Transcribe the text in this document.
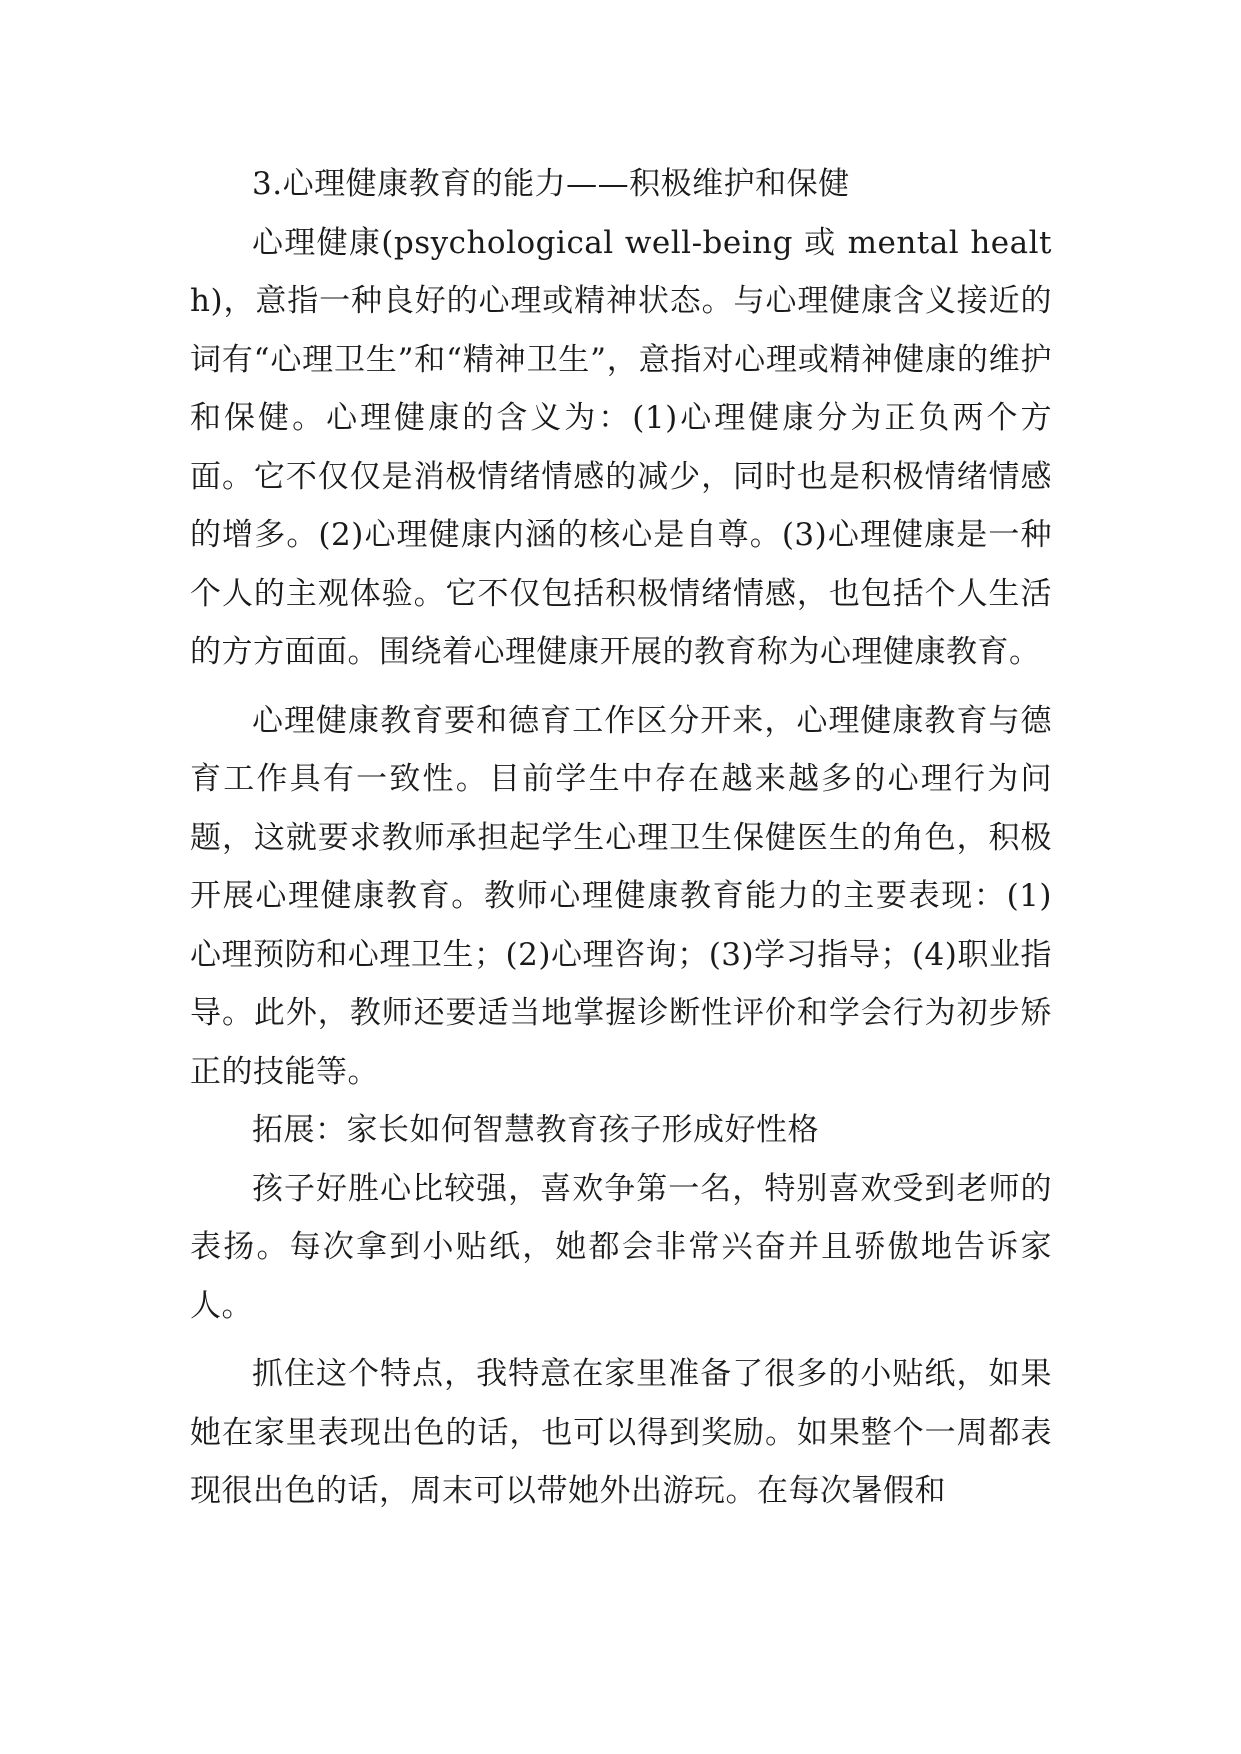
3.心理健康教育的能力——积极维护和保健

心理健康(psychological well-being 或 mental health)，意指一种良好的心理或精神状态。与心理健康含义接近的词有“心理卫生”和“精神卫生”，意指对心理或精神健康的维护和保健。心理健康的含义为：(1)心理健康分为正负两个方面。它不仅仅是消极情绪情感的减少，同时也是积极情绪情感的增多。(2)心理健康内涵的核心是自尊。(3)心理健康是一种个人的主观体验。它不仅包括积极情绪情感，也包括个人生活的方方面面。围绕着心理健康开展的教育称为心理健康教育。

心理健康教育要和德育工作区分开来，心理健康教育与德育工作具有一致性。目前学生中存在越来越多的心理行为问题，这就要求教师承担起学生心理卫生保健医生的角色，积极开展心理健康教育。教师心理健康教育能力的主要表现：(1)心理预防和心理卫生；(2)心理咨询；(3)学习指导；(4)职业指导。此外，教师还要适当地掌握诊断性评价和学会行为初步矫正的技能等。

拓展：家长如何智慧教育孩子形成好性格

孩子好胜心比较强，喜欢争第一名，特别喜欢受到老师的表扬。每次拿到小贴纸，她都会非常兴奋并且骄傲地告诉家人。

抓住这个特点，我特意在家里准备了很多的小贴纸，如果她在家里表现出色的话，也可以得到奖励。如果整个一周都表现很出色的话，周末可以带她外出游玩。在每次暑假和
